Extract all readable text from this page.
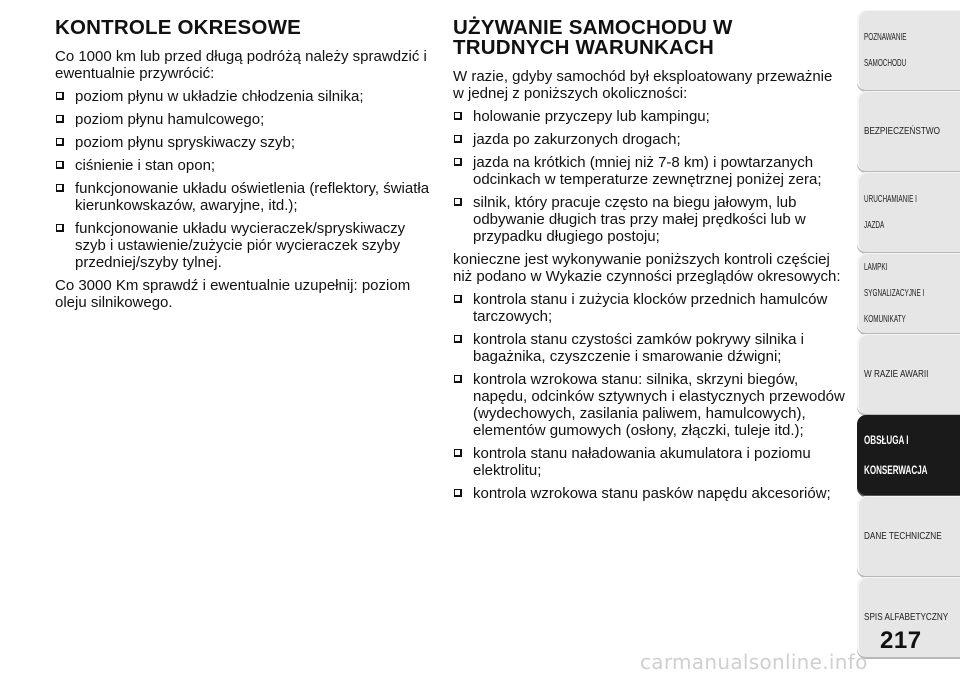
KONTROLE OKRESOWE

Co 1000 km lub przed długą podróżą należy sprawdzić i ewentualnie przywrócić:

poziom płynu w układzie chłodzenia silnika;
poziom płynu hamulcowego;
poziom płynu spryskiwaczy szyb;
ciśnienie i stan opon;
funkcjonowanie układu oświetlenia (reflektory, światła kierunkowskazów, awaryjne, itd.);
funkcjonowanie układu wycieraczek/spryskiwaczy szyb i ustawienie/zużycie piór wycieraczek szyby przedniej/szyby tylnej.

Co 3000 Km sprawdź i ewentualnie uzupełnij: poziom oleju silnikowego.

UŻYWANIE SAMOCHODU W
TRUDNYCH WARUNKACH

W razie, gdyby samochód był eksploatowany przeważnie w jednej z poniższych okoliczności:

holowanie przyczepy lub kampingu;
jazda po zakurzonych drogach;
jazda na krótkich (mniej niż 7-8 km) i powtarzanych odcinkach w temperaturze zewnętrznej poniżej zera;
silnik, który pracuje często na biegu jałowym, lub odbywanie długich tras przy małej prędkości lub w przypadku długiego postoju;

konieczne jest wykonywanie poniższych kontroli częściej niż podano w Wykazie czynności przeglądów okresowych:

kontrola stanu i zużycia klocków przednich hamulców tarczowych;
kontrola stanu czystości zamków pokrywy silnika i bagażnika, czyszczenie i smarowanie dźwigni;
kontrola wzrokowa stanu: silnika, skrzyni biegów, napędu, odcinków sztywnych i elastycznych przewodów (wydechowych, zasilania paliwem, hamulcowych), elementów gumowych (osłony, złączki, tuleje itd.);
kontrola stanu naładowania akumulatora i poziomu elektrolitu;
kontrola wzrokowa stanu pasków napędu akcesoriów;
POZNAWANIE

SAMOCHODU
BEZPIECZEŃSTWO
URUCHAMIANIE I

JAZDA
LAMPKI

SYGNALIZACYJNE I

KOMUNIKATY
W RAZIE AWARII
OBSŁUGA I

KONSERWACJA
DANE TECHNICZNE
SPIS ALFABETYCZNY
217
carmanualsonline.info
